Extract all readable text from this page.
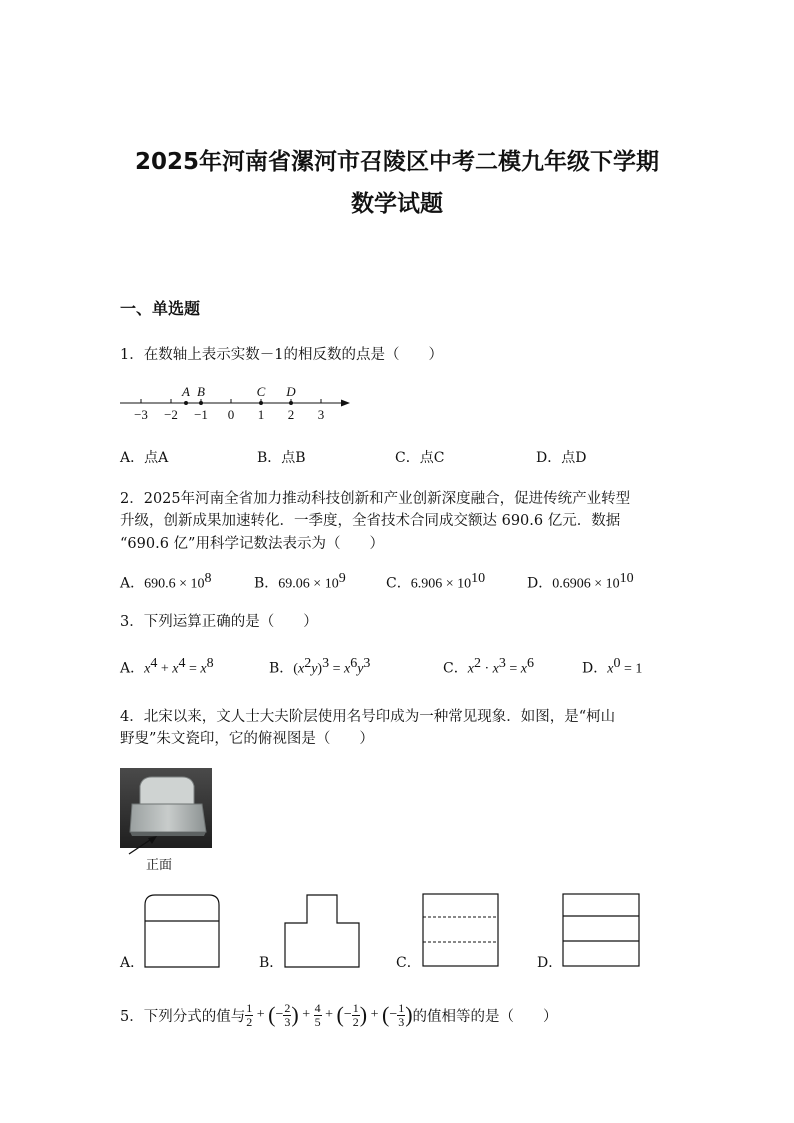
2025年河南省漯河市召陵区中考二模九年级下学期
数学试题
一、单选题
1．在数轴上表示实数－1的相反数的点是（　　）
−3 −2 −1 0 1 2 3
A B	C D
A．点A	B．点B	C．点C	D．点D
2．2025年河南全省加力推动科技创新和产业创新深度融合，促进传统产业转型
升级，创新成果加速转化．一季度，全省技术合同成交额达 690.6 亿元．数据
“690.6 亿”用科学记数法表示为（　　）
A．$690.6 \times 10^8$	B．$69.06 \times 10^9$	C．$6.906 \times 10^{10}$	D．$0.6906 \times 10^{10}$
3．下列运算正确的是（　　）
A．$x^4 + x^4 = x^8$	B．$(x^2y)^3 = x^6y^3$	C．$x^2 \cdot x^3 = x^6$	D．$x^0 = 1$
4．北宋以来，文人士大夫阶层使用名号印成为一种常见现象．如图，是“柯山
野叟”朱文瓷印，它的俯视图是（　　）
正面
A．	B．	C．	D．
5．下列分式的值与 $\frac{1}{2}$ + ( − $\frac{2}{3}$ ) + $\frac{4}{5}$ + ( − $\frac{1}{2}$ ) + ( − $\frac{1}{3}$ ) 的值相等的是（　　）
